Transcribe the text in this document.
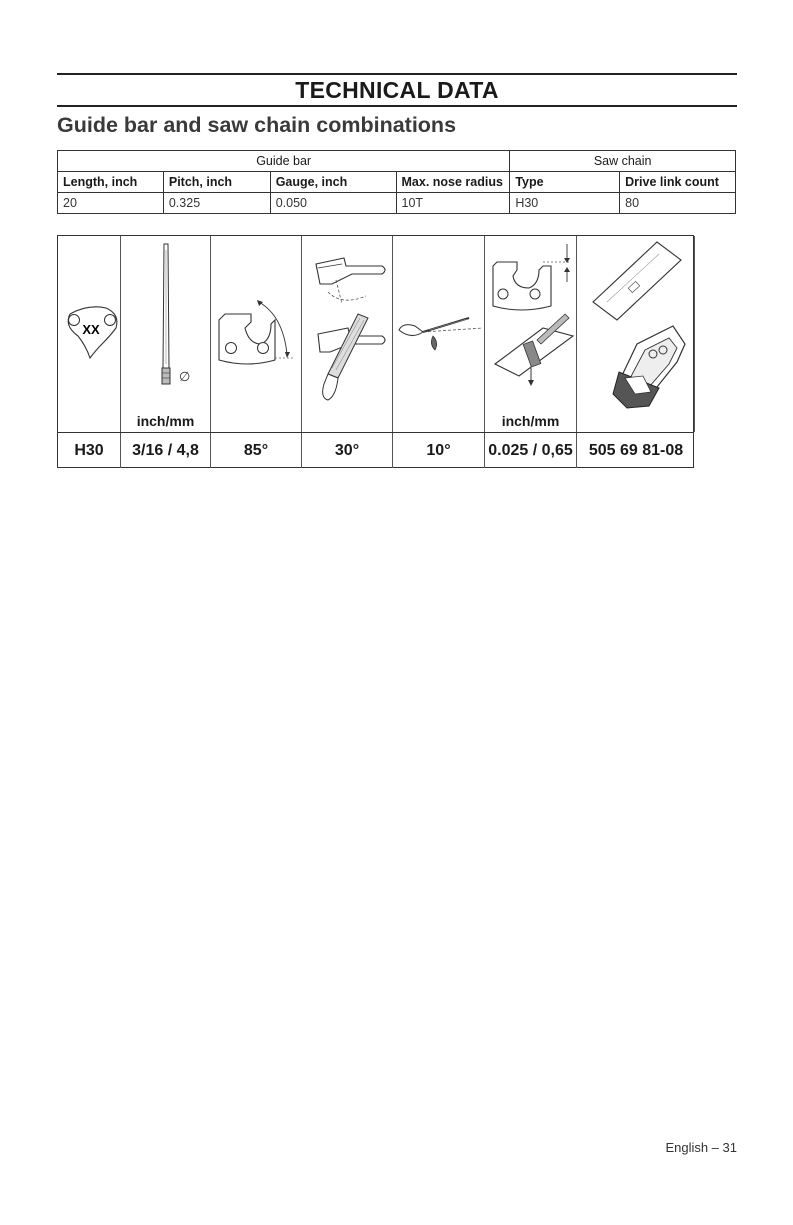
TECHNICAL DATA
Guide bar and saw chain combinations
Guide bar				Saw chain	
Length, inch	Pitch, inch	Gauge, inch	Max. nose radius	Type	Drive link count
20	0.325	0.050	10T	H30	80
XX
∅
inch/mm	inch/mm
H30	3/16 / 4,8	85°	30°	10°	0.025 / 0,65	505 69 81-08
English – 31
